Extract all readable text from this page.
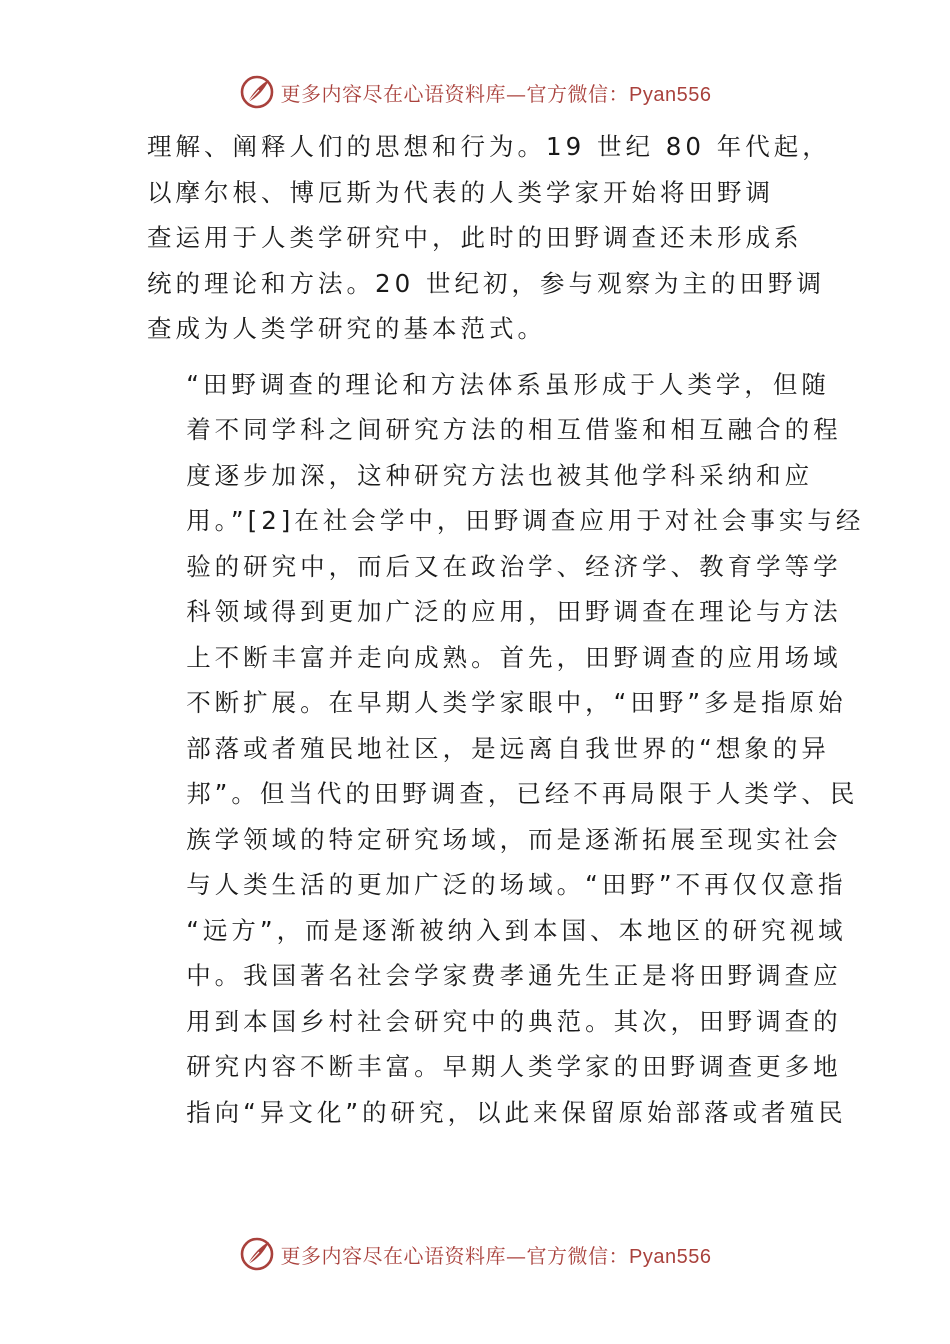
更多内容尽在心语资料库—官方微信：Pyan556

理解、阐释人们的思想和行为。19 世纪 80 年代起，
以摩尔根、博厄斯为代表的人类学家开始将田野调
查运用于人类学研究中，此时的田野调查还未形成系
统的理论和方法。20 世纪初，参与观察为主的田野调
查成为人类学研究的基本范式。

“田野调查的理论和方法体系虽形成于人类学，但随
着不同学科之间研究方法的相互借鉴和相互融合的程
度逐步加深，这种研究方法也被其他学科采纳和应
用。”[2]在社会学中，田野调查应用于对社会事实与经
验的研究中，而后又在政治学、经济学、教育学等学
科领域得到更加广泛的应用，田野调查在理论与方法
上不断丰富并走向成熟。首先，田野调查的应用场域
不断扩展。在早期人类学家眼中，“田野”多是指原始
部落或者殖民地社区，是远离自我世界的“想象的异
邦”。但当代的田野调查，已经不再局限于人类学、民
族学领域的特定研究场域，而是逐渐拓展至现实社会
与人类生活的更加广泛的场域。“田野”不再仅仅意指
“远方”，而是逐渐被纳入到本国、本地区的研究视域
中。我国著名社会学家费孝通先生正是将田野调查应
用到本国乡村社会研究中的典范。其次，田野调查的
研究内容不断丰富。早期人类学家的田野调查更多地
指向“异文化”的研究，以此来保留原始部落或者殖民

更多内容尽在心语资料库—官方微信：Pyan556
